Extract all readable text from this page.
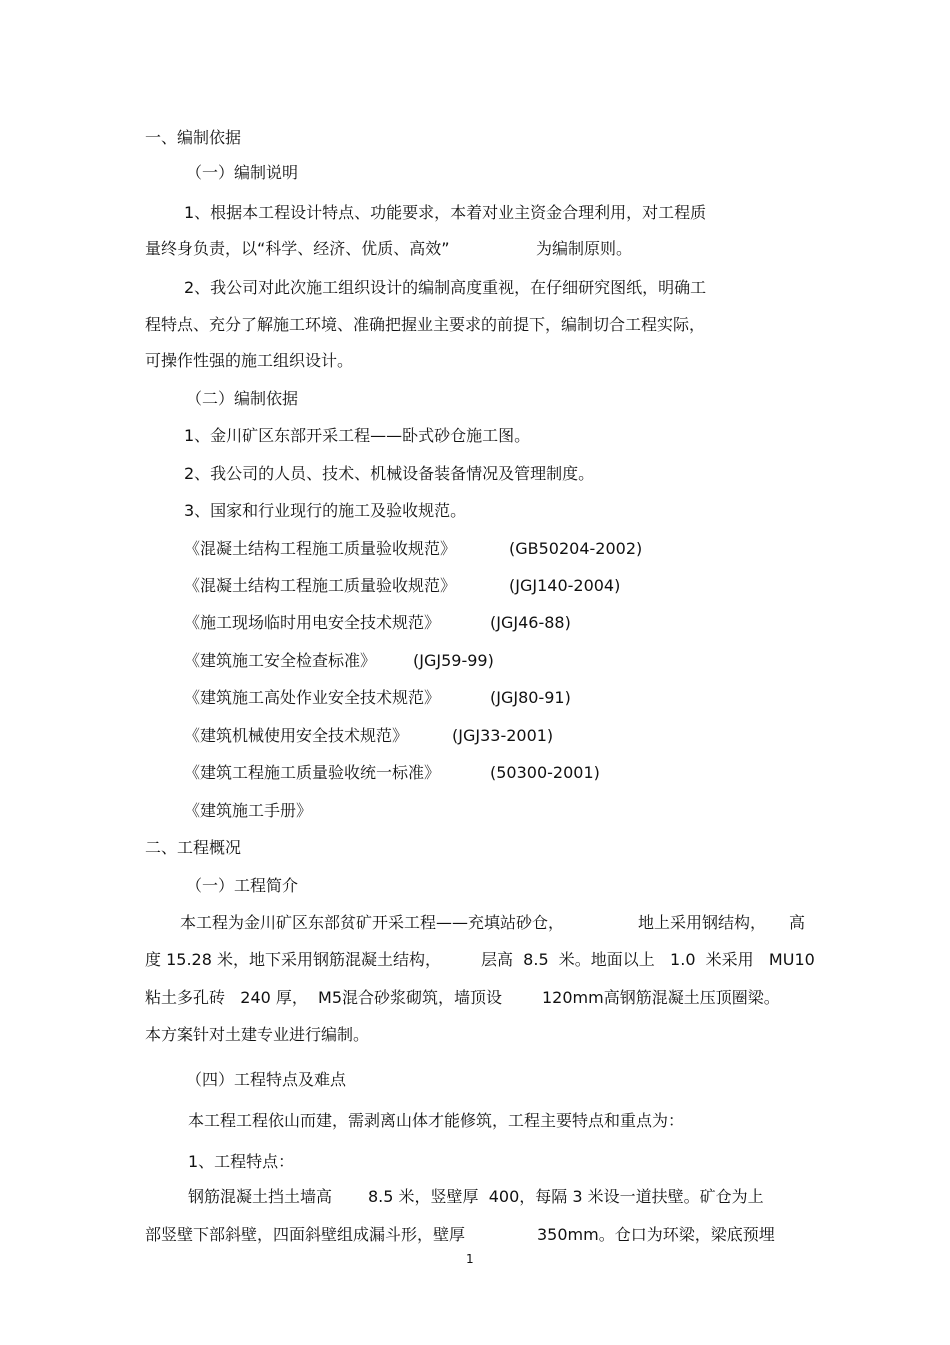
一、编制依据
（一）编制说明
1、根据本工程设计特点、功能要求，本着对业主资金合理利用，对工程质
量终身负责，以“科学、经济、优质、高效”	为编制原则。
2、我公司对此次施工组织设计的编制高度重视，在仔细研究图纸，明确工
程特点、充分了解施工环境、准确把握业主要求的前提下，编制切合工程实际，
可操作性强的施工组织设计。
（二）编制依据
1、金川矿区东部开采工程——卧式砂仓施工图。
2、我公司的人员、技术、机械设备装备情况及管理制度。
3、国家和行业现行的施工及验收规范。
《混凝土结构工程施工质量验收规范》	(GB50204-2002)
《混凝土结构工程施工质量验收规范》	(JGJ140-2004)
《施工现场临时用电安全技术规范》	(JGJ46-88)
《建筑施工安全检查标准》 (JGJ59-99)
《建筑施工高处作业安全技术规范》	(JGJ80-91)
《建筑机械使用安全技术规范》	(JGJ33-2001)
《建筑工程施工质量验收统一标准》	(50300-2001)
《建筑施工手册》
二、工程概况
（一）工程简介
本工程为金川矿区东部贫矿开采工程——充填站砂仓，	地上采用钢结构， 高
度 15.28 米，地下采用钢筋混凝土结构，	层高  8.5  米。地面以上   1.0  米采用   MU10
粘土多孔砖   240 厚，  M5混合砂浆砌筑，墙顶设 120mm高钢筋混凝土压顶圈梁。
本方案针对土建专业进行编制。
（四）工程特点及难点
本工程工程依山而建，需剥离山体才能修筑，工程主要特点和重点为：
1、工程特点：
钢筋混凝土挡土墙高 8.5 米，竖壁厚  400，每隔 3 米设一道扶壁。矿仓为上
部竖壁下部斜壁，四面斜壁组成漏斗形，壁厚	350mm。仓口为环梁，梁底预埋
1
